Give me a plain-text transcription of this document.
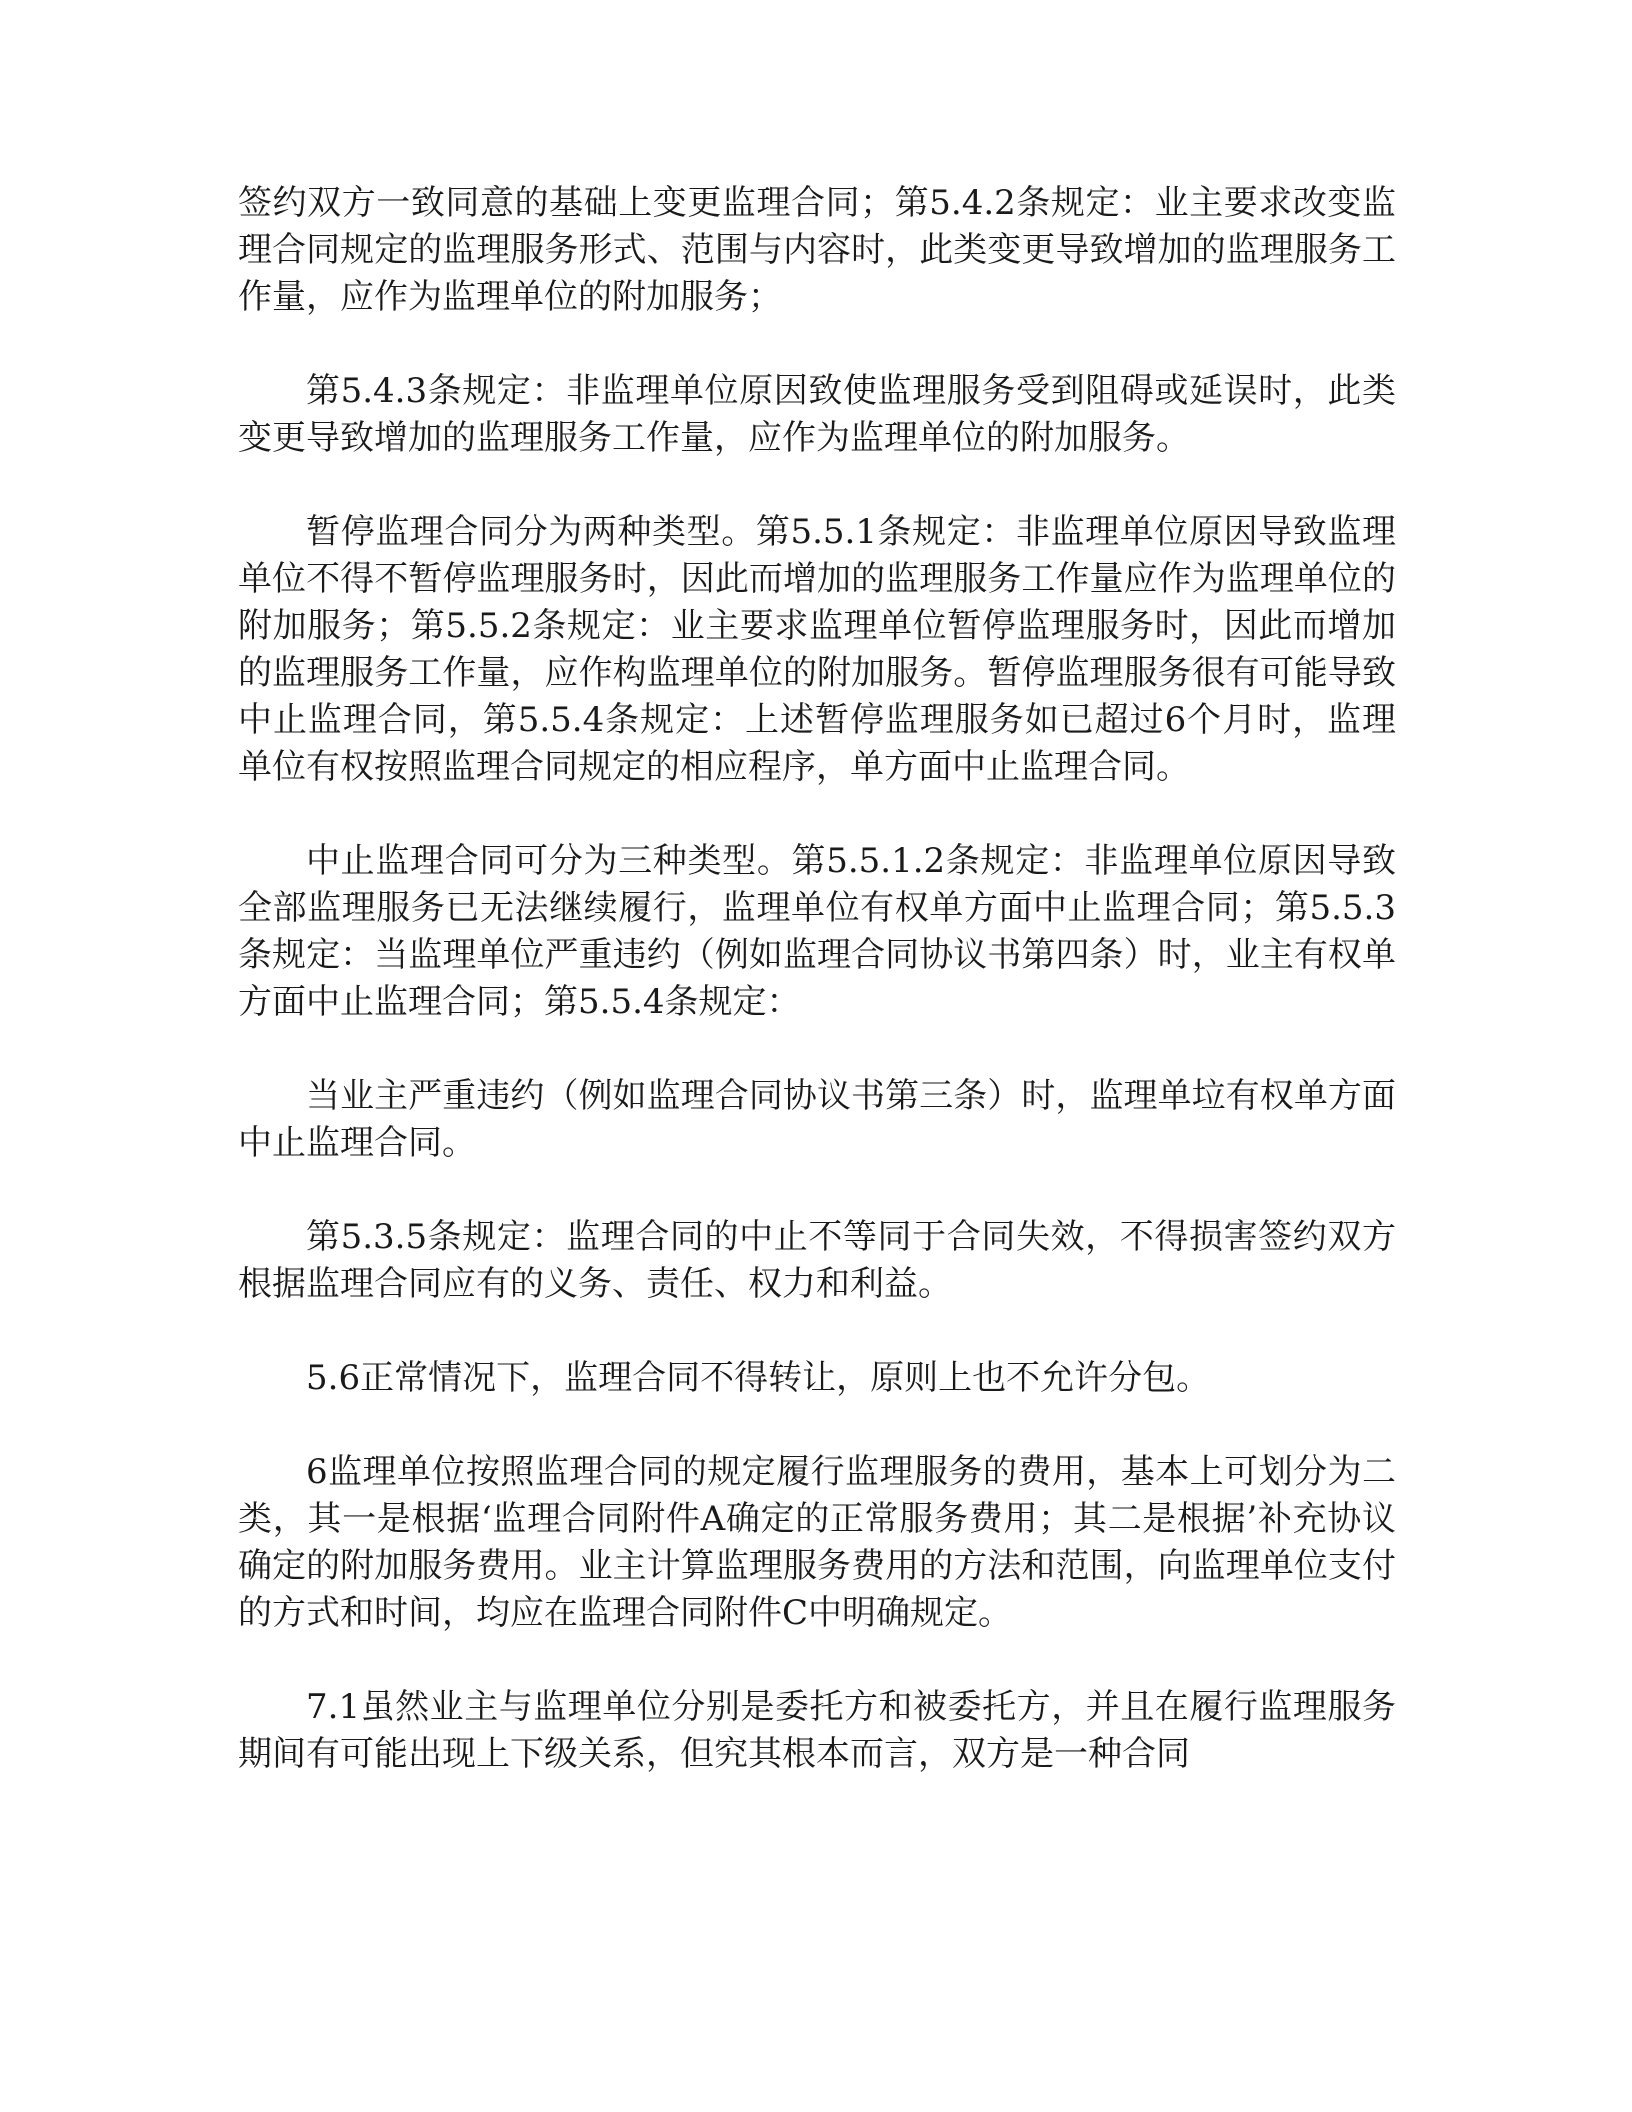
签约双方一致同意的基础上变更监理合同；第5.4.2条规定：业主要求改变监理合同规定的监理服务形式、范围与内容时，此类变更导致增加的监理服务工作量，应作为监理单位的附加服务；

第5.4.3条规定：非监理单位原因致使监理服务受到阻碍或延误时，此类变更导致增加的监理服务工作量，应作为监理单位的附加服务。

暂停监理合同分为两种类型。第5.5.1条规定：非监理单位原因导致监理单位不得不暂停监理服务时，因此而增加的监理服务工作量应作为监理单位的附加服务；第5.5.2条规定：业主要求监理单位暂停监理服务时，因此而增加的监理服务工作量，应作构监理单位的附加服务。暂停监理服务很有可能导致中止监理合同，第5.5.4条规定：上述暂停监理服务如已超过6个月时，监理单位有权按照监理合同规定的相应程序，单方面中止监理合同。

中止监理合同可分为三种类型。第5.5.1.2条规定：非监理单位原因导致全部监理服务已无法继续履行，监理单位有权单方面中止监理合同；第5.5.3条规定：当监理单位严重违约（例如监理合同协议书第四条）时，业主有权单方面中止监理合同；第5.5.4条规定：

当业主严重违约（例如监理合同协议书第三条）时，监理单垃有权单方面中止监理合同。

第5.3.5条规定：监理合同的中止不等同于合同失效，不得损害签约双方根据监理合同应有的义务、责任、权力和利益。

5.6正常情况下，监理合同不得转让，原则上也不允许分包。

6监理单位按照监理合同的规定履行监理服务的费用，基本上可划分为二类，其一是根据‘监理合同附件A确定的正常服务费用；其二是根据’补充协议确定的附加服务费用。业主计算监理服务费用的方法和范围，向监理单位支付的方式和时间，均应在监理合同附件C中明确规定。

7.1虽然业主与监理单位分别是委托方和被委托方，并且在履行监理服务期间有可能出现上下级关系，但究其根本而言，双方是一种合同
